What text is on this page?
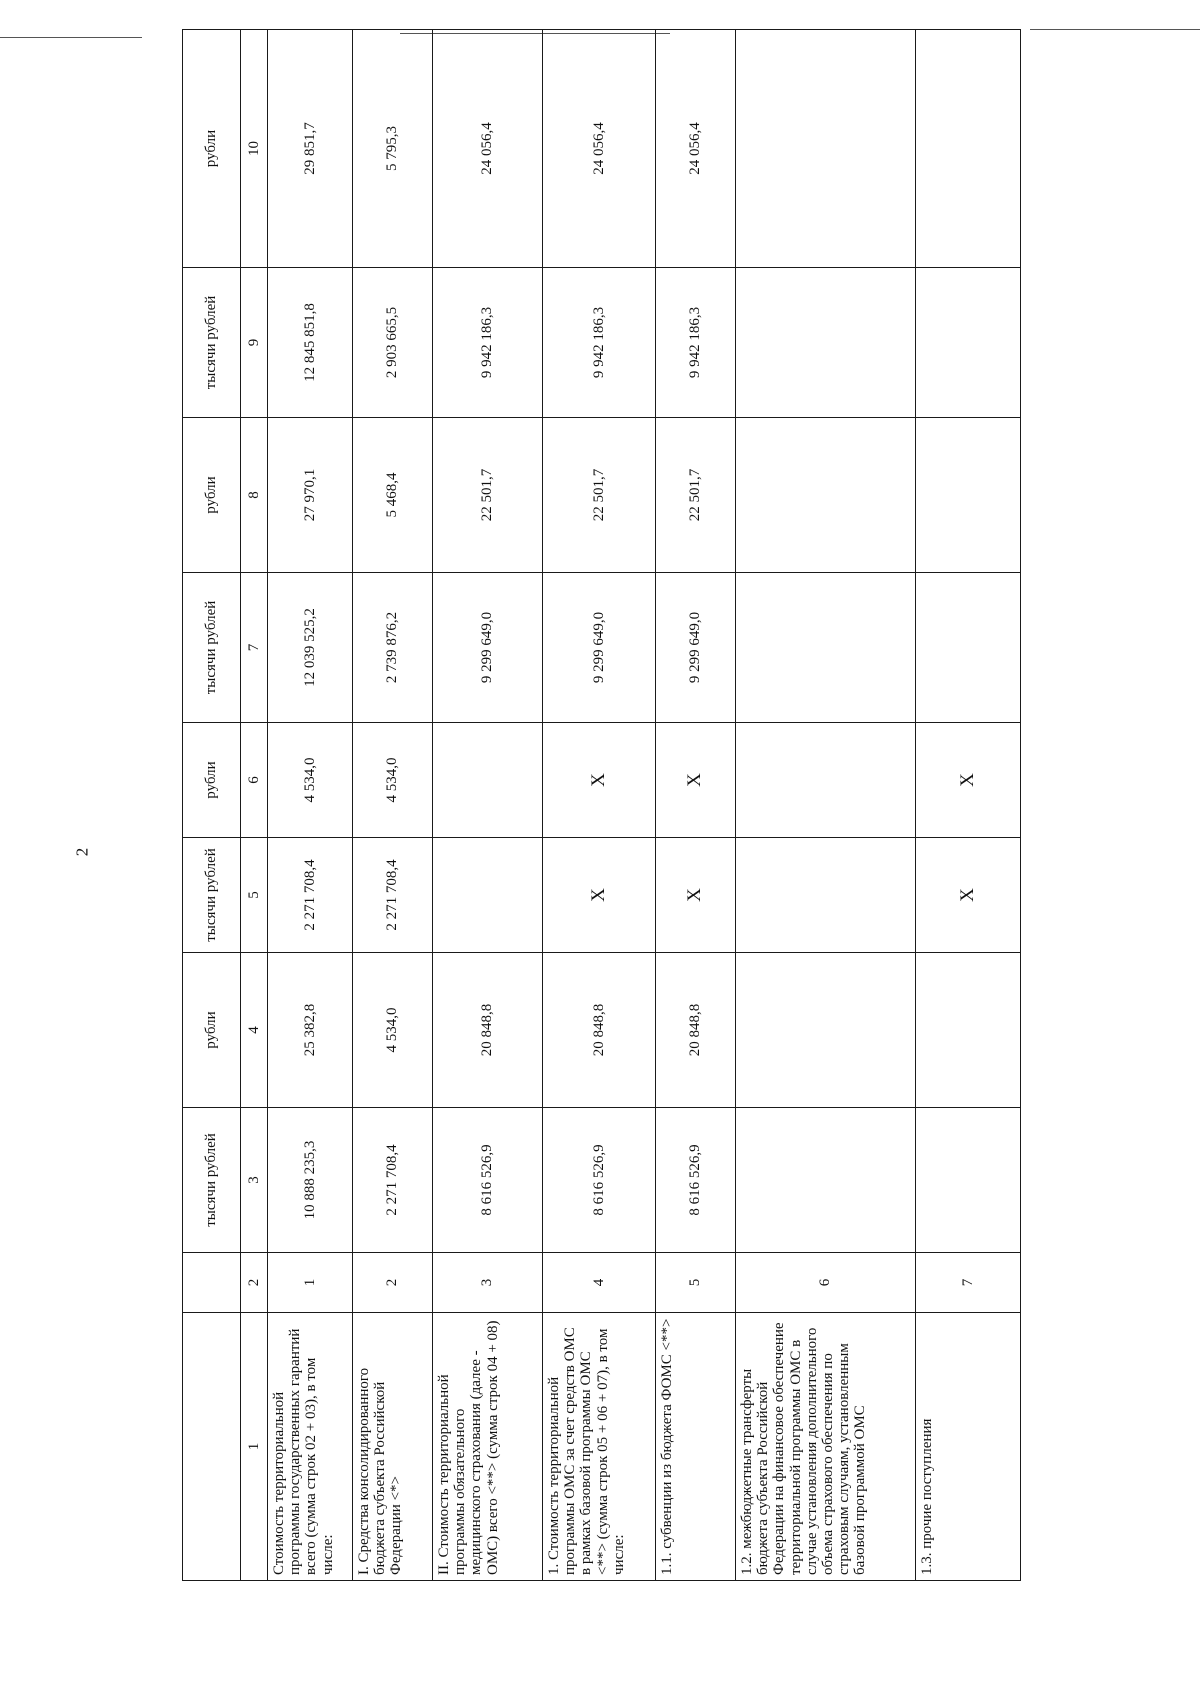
2
		тысячи рублей	рубли	тысячи рублей	рубли	тысячи рублей	рубли	тысячи рублей	рубли
1	2	3	4	5	6	7	8	9	10
Стоимость территориальной программы государственных гарантий всего (сумма строк 02 + 03), в том числе:	1	10 888 235,3	25 382,8	2 271 708,4	4 534,0	12 039 525,2	27 970,1	12 845 851,8	29 851,7
I. Средства консолидированного бюджета субъекта Российской Федерации <*>	2	2 271 708,4	4 534,0	2 271 708,4	4 534,0	2 739 876,2	5 468,4	2 903 665,5	5 795,3
II. Стоимость территориальной программы обязательного медицинского страхования (далее - ОМС) всего <**> (сумма строк 04 + 08)	3	8 616 526,9	20 848,8			9 299 649,0	22 501,7	9 942 186,3	24 056,4
1. Стоимость территориальной программы ОМС за счет средств ОМС в рамках базовой программы ОМС <**> (сумма строк 05 + 06 + 07), в том числе:	4	8 616 526,9	20 848,8	X	X	9 299 649,0	22 501,7	9 942 186,3	24 056,4
1.1. субвенции из бюджета ФОМС <**>	5	8 616 526,9	20 848,8	X	X	9 299 649,0	22 501,7	9 942 186,3	24 056,4
1.2. межбюджетные трансферты бюджета субъекта Российской Федерации на финансовое обеспечение территориальной программы ОМС в случае установления дополнительного объема страхового обеспечения по страховым случаям, установленным базовой программой ОМС	6								
1.3. прочие поступления	7			X	X				
